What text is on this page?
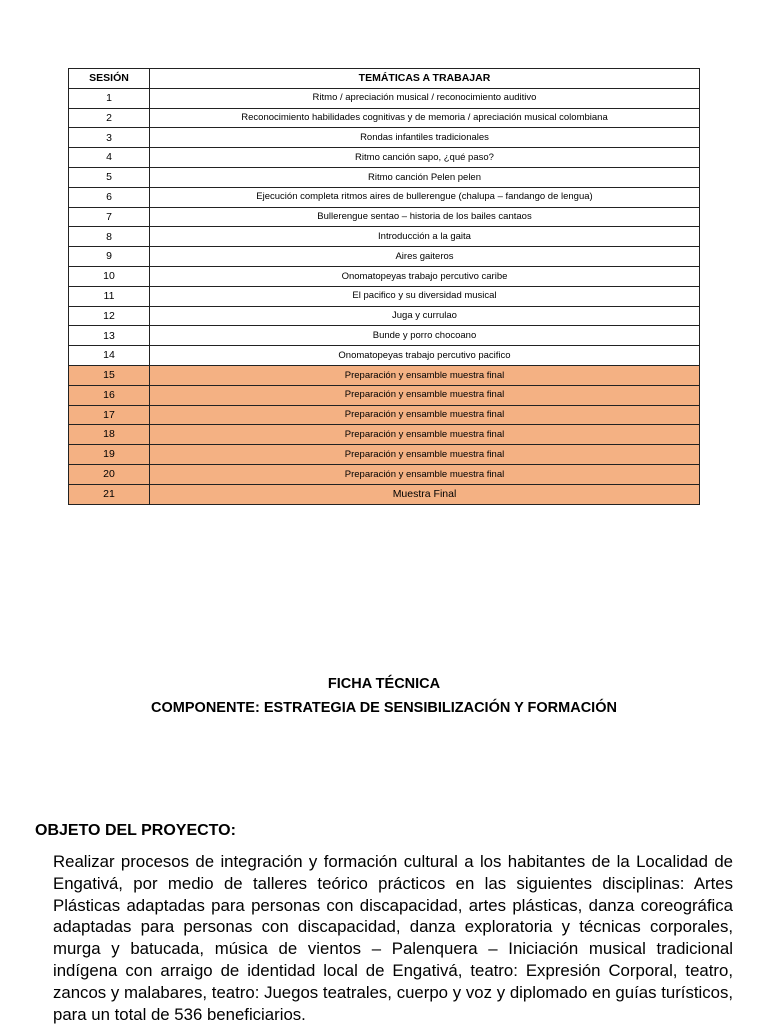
SESIÓN	TEMÁTICAS A TRABAJAR
1	Ritmo / apreciación musical / reconocimiento auditivo
2	Reconocimiento habilidades cognitivas y de memoria / apreciación musical colombiana
3	Rondas infantiles tradicionales
4	Ritmo canción sapo, ¿qué paso?
5	Ritmo canción Pelen pelen
6	Ejecución completa ritmos aires de bullerengue (chalupa – fandango de lengua)
7	Bullerengue sentao – historia de los bailes cantaos
8	Introducción a la gaita
9	Aires gaiteros
10	Onomatopeyas trabajo percutivo caribe
11	El pacifico y su diversidad musical
12	Juga y currulao
13	Bunde y porro chocoano
14	Onomatopeyas trabajo percutivo pacifico
15	Preparación y ensamble muestra final
16	Preparación y ensamble muestra final
17	Preparación y ensamble muestra final
18	Preparación y ensamble muestra final
19	Preparación y ensamble muestra final
20	Preparación y ensamble muestra final
21	Muestra Final
FICHA TÉCNICA
COMPONENTE: ESTRATEGIA DE SENSIBILIZACIÓN Y FORMACIÓN
OBJETO DEL PROYECTO:
Realizar procesos de integración y formación cultural a los habitantes de la Localidad de Engativá, por medio de talleres teórico prácticos en las siguientes disciplinas: Artes Plásticas adaptadas para personas con discapacidad, artes plásticas, danza coreográfica adaptadas para personas con discapacidad, danza exploratoria y técnicas corporales, murga y batucada, música de vientos – Palenquera – Iniciación musical tradicional indígena con arraigo de identidad local de Engativá, teatro: Expresión Corporal, teatro, zancos y malabares, teatro: Juegos teatrales, cuerpo y voz y diplomado en guías turísticos, para un total de 536 beneficiarios.
